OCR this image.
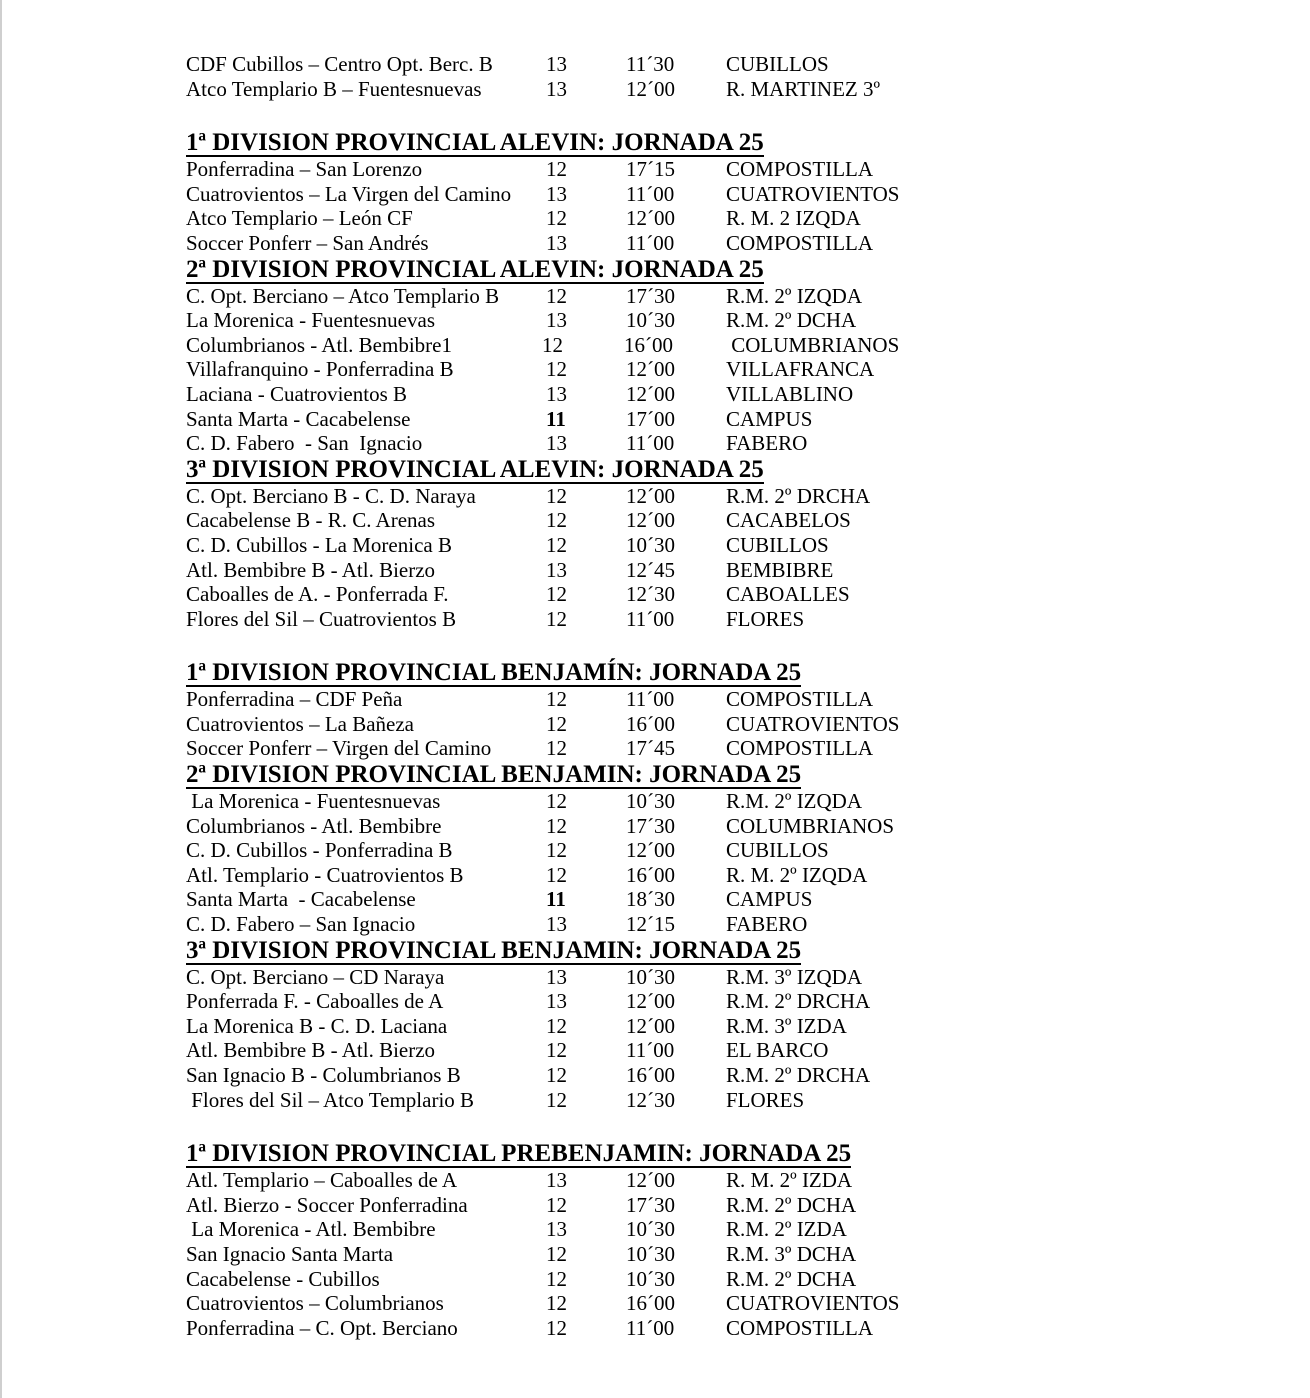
CDF Cubillos – Centro Opt. Berc. B	13	11´30 CUBILLOS
Atco Templario B – Fuentesnuevas	13	12´00 R. MARTINEZ 3º
1ª DIVISION PROVINCIAL ALEVIN: JORNADA 25
Ponferradina – San Lorenzo	12	17´15 COMPOSTILLA
Cuatrovientos – La Virgen del Camino 13	11´00 CUATROVIENTOS
Atco Templario – León CF	12	12´00 R. M. 2 IZQDA
Soccer Ponferr – San Andrés	13	11´00 COMPOSTILLA
2ª DIVISION PROVINCIAL ALEVIN: JORNADA 25
C. Opt. Berciano – Atco Templario B 12	17´30 R.M. 2º IZQDA
La Morenica - Fuentesnuevas	13	10´30 R.M. 2º DCHA
Columbrianos - Atl. Bembibre1	12	16´00	COLUMBRIANOS
Villafranquino - Ponferradina B	12	12´00 VILLAFRANCA
Laciana - Cuatrovientos B	13	12´00 VILLABLINO
Santa Marta - Cacabelense	11	17´00 CAMPUS
C. D. Fabero  - San  Ignacio	13	11´00 FABERO
3ª DIVISION PROVINCIAL ALEVIN: JORNADA 25
C. Opt. Berciano B - C. D. Naraya	12	12´00 R.M. 2º DRCHA
Cacabelense B - R. C. Arenas	12	12´00 CACABELOS
C. D. Cubillos - La Morenica B	12	10´30 CUBILLOS
Atl. Bembibre B - Atl. Bierzo	13	12´45 BEMBIBRE
Caboalles de A. - Ponferrada F.	12	12´30 CABOALLES
Flores del Sil – Cuatrovientos B	12	11´00 FLORES
1ª DIVISION PROVINCIAL BENJAMÍN: JORNADA 25
Ponferradina – CDF Peña	12	11´00 COMPOSTILLA
Cuatrovientos – La Bañeza	12	16´00 CUATROVIENTOS
Soccer Ponferr – Virgen del Camino	12	17´45 COMPOSTILLA
2ª DIVISION PROVINCIAL BENJAMIN: JORNADA 25
La Morenica - Fuentesnuevas	12	10´30 R.M. 2º IZQDA
Columbrianos - Atl. Bembibre	12	17´30 COLUMBRIANOS
C. D. Cubillos - Ponferradina B	12	12´00 CUBILLOS
Atl. Templario - Cuatrovientos B	12	16´00 R. M. 2º IZQDA
Santa Marta  - Cacabelense	11	18´30 CAMPUS
C. D. Fabero – San Ignacio	13	12´15 FABERO
3ª DIVISION PROVINCIAL BENJAMIN: JORNADA 25
C. Opt. Berciano – CD Naraya	13	10´30 R.M. 3º IZQDA
Ponferrada F. - Caboalles de A	13	12´00 R.M. 2º DRCHA
La Morenica B - C. D. Laciana	12	12´00 R.M. 3º IZDA
Atl. Bembibre B - Atl. Bierzo	12	11´00 EL BARCO
San Ignacio B - Columbrianos B	12	16´00 R.M. 2º DRCHA
Flores del Sil – Atco Templario B	12	12´30 FLORES
1ª DIVISION PROVINCIAL PREBENJAMIN: JORNADA 25
Atl. Templario – Caboalles de A	13	12´00 R. M. 2º IZDA
Atl. Bierzo - Soccer Ponferradina	12	17´30 R.M. 2º DCHA
La Morenica - Atl. Bembibre	13	10´30 R.M. 2º IZDA
San Ignacio Santa Marta	12	10´30 R.M. 3º DCHA
Cacabelense - Cubillos	12	10´30 R.M. 2º DCHA
Cuatrovientos – Columbrianos	12	16´00 CUATROVIENTOS
Ponferradina – C. Opt. Berciano	12	11´00 COMPOSTILLA
